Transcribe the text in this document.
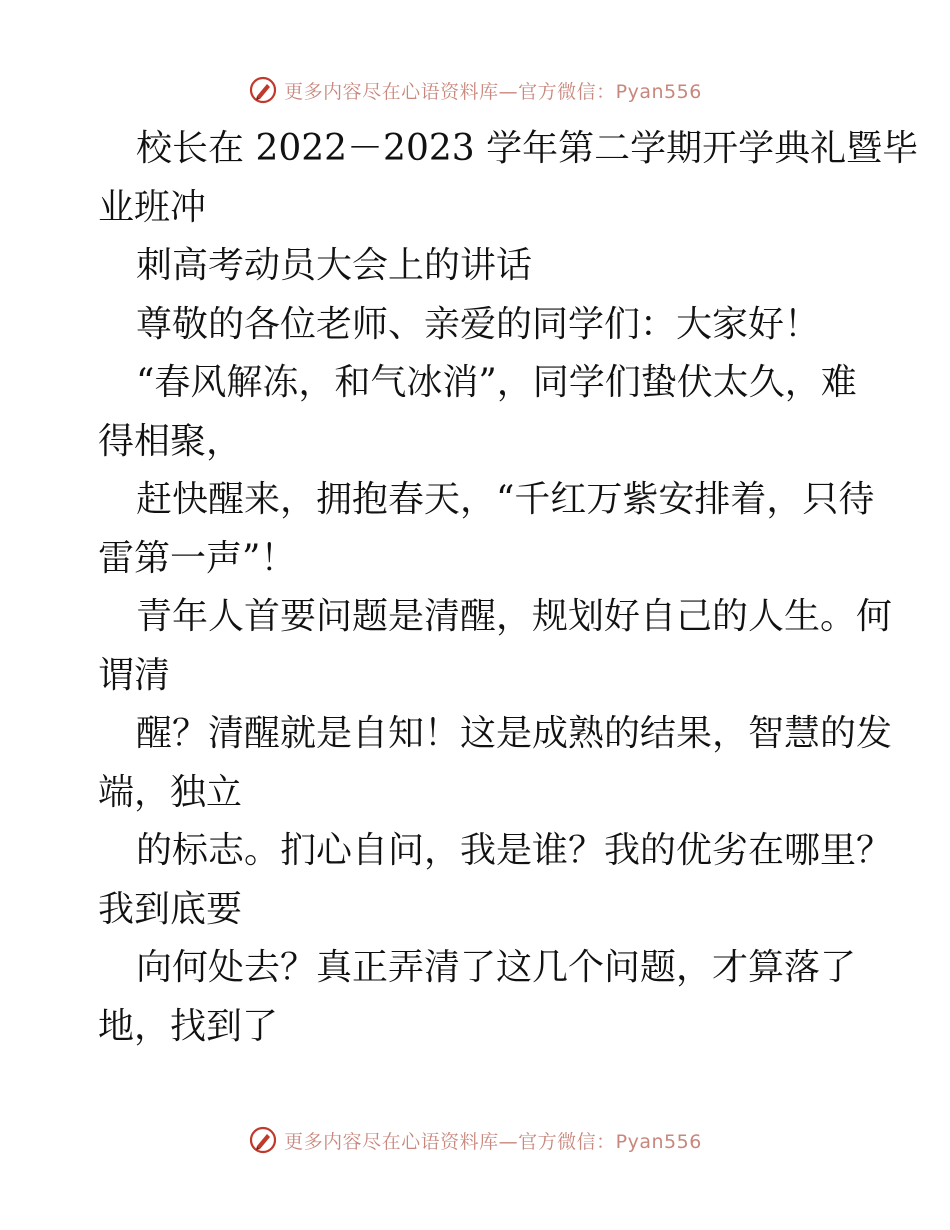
更多内容尽在心语资料库—官方微信：Pyan556

校长在 2022－2023 学年第二学期开学典礼暨毕

业班冲

刺高考动员大会上的讲话

尊敬的各位老师、亲爱的同学们：大家好！

“春风解冻，和气冰消”，同学们蛰伏太久，难

得相聚，

赶快醒来，拥抱春天，“千红万紫安排着，只待

雷第一声”！

青年人首要问题是清醒，规划好自己的人生。何

谓清

醒？清醒就是自知！这是成熟的结果，智慧的发

端，独立

的标志。扪心自问，我是谁？我的优劣在哪里？

我到底要

向何处去？真正弄清了这几个问题，才算落了

地，找到了

更多内容尽在心语资料库—官方微信：Pyan556
